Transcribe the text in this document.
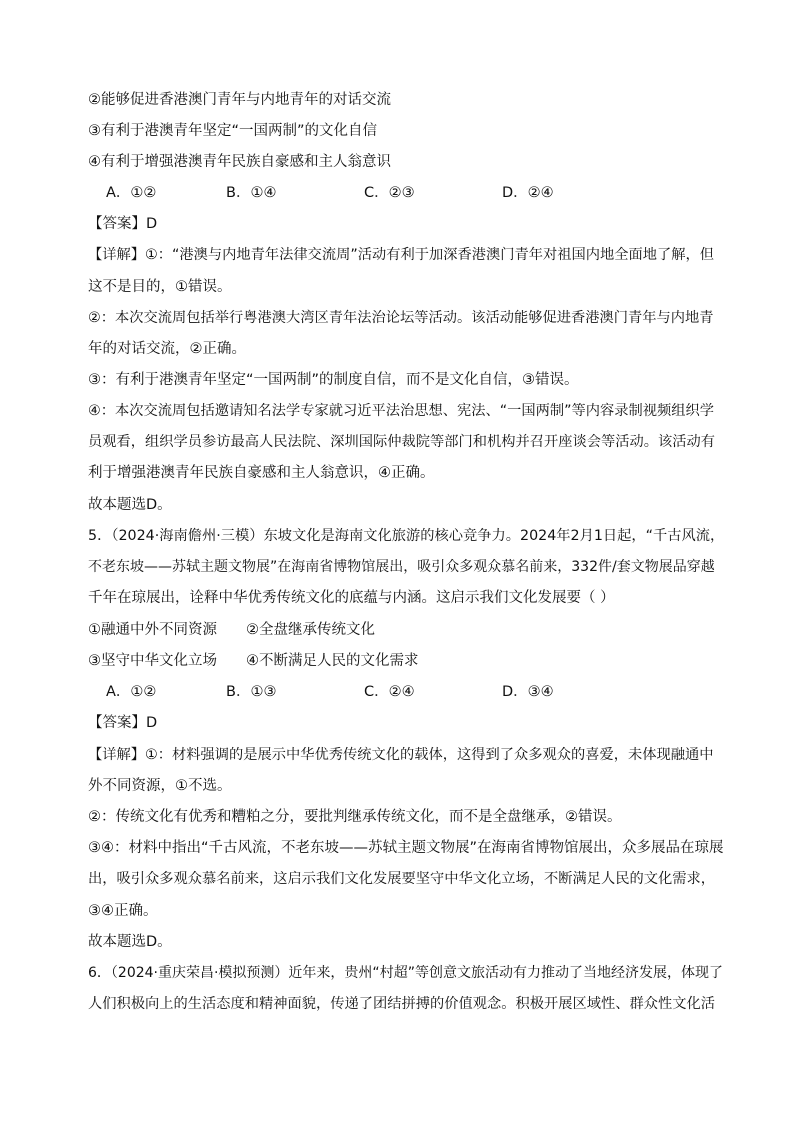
②能够促进香港澳门青年与内地青年的对话交流
③有利于港澳青年坚定“一国两制”的文化自信
④有利于增强港澳青年民族自豪感和主人翁意识
A．①②	B．①④	C．②③	D．②④
【答案】D
【详解】①：“港澳与内地青年法律交流周”活动有利于加深香港澳门青年对祖国内地全面地了解，但
这不是目的，①错误。
②：本次交流周包括举行粤港澳大湾区青年法治论坛等活动。该活动能够促进香港澳门青年与内地青
年的对话交流，②正确。
③：有利于港澳青年坚定“一国两制”的制度自信，而不是文化自信，③错误。
④：本次交流周包括邀请知名法学专家就习近平法治思想、宪法、“一国两制”等内容录制视频组织学
员观看，组织学员参访最高人民法院、深圳国际仲裁院等部门和机构并召开座谈会等活动。该活动有
利于增强港澳青年民族自豪感和主人翁意识，④正确。
故本题选D。
5．（2024·海南儋州·三模）东坡文化是海南文化旅游的核心竞争力。2024年2月1日起，“千古风流，
不老东坡——苏轼主题文物展”在海南省博物馆展出，吸引众多观众慕名前来，332件/套文物展品穿越
千年在琼展出，诠释中华优秀传统文化的底蕴与内涵。这启示我们文化发展要（ ）
①融通中外不同资源 ②全盘继承传统文化
③坚守中华文化立场 ④不断满足人民的文化需求
A．①②	B．①③	C．②④	D．③④
【答案】D
【详解】①：材料强调的是展示中华优秀传统文化的载体，这得到了众多观众的喜爱，未体现融通中
外不同资源，①不选。
②：传统文化有优秀和糟粕之分，要批判继承传统文化，而不是全盘继承，②错误。
③④：材料中指出“千古风流，不老东坡——苏轼主题文物展”在海南省博物馆展出，众多展品在琼展
出，吸引众多观众慕名前来，这启示我们文化发展要坚守中华文化立场，不断满足人民的文化需求，
③④正确。
故本题选D。
6．（2024·重庆荣昌·模拟预测）近年来，贵州“村超”等创意文旅活动有力推动了当地经济发展，体现了
人们积极向上的生活态度和精神面貌，传递了团结拼搏的价值观念。积极开展区域性、群众性文化活
